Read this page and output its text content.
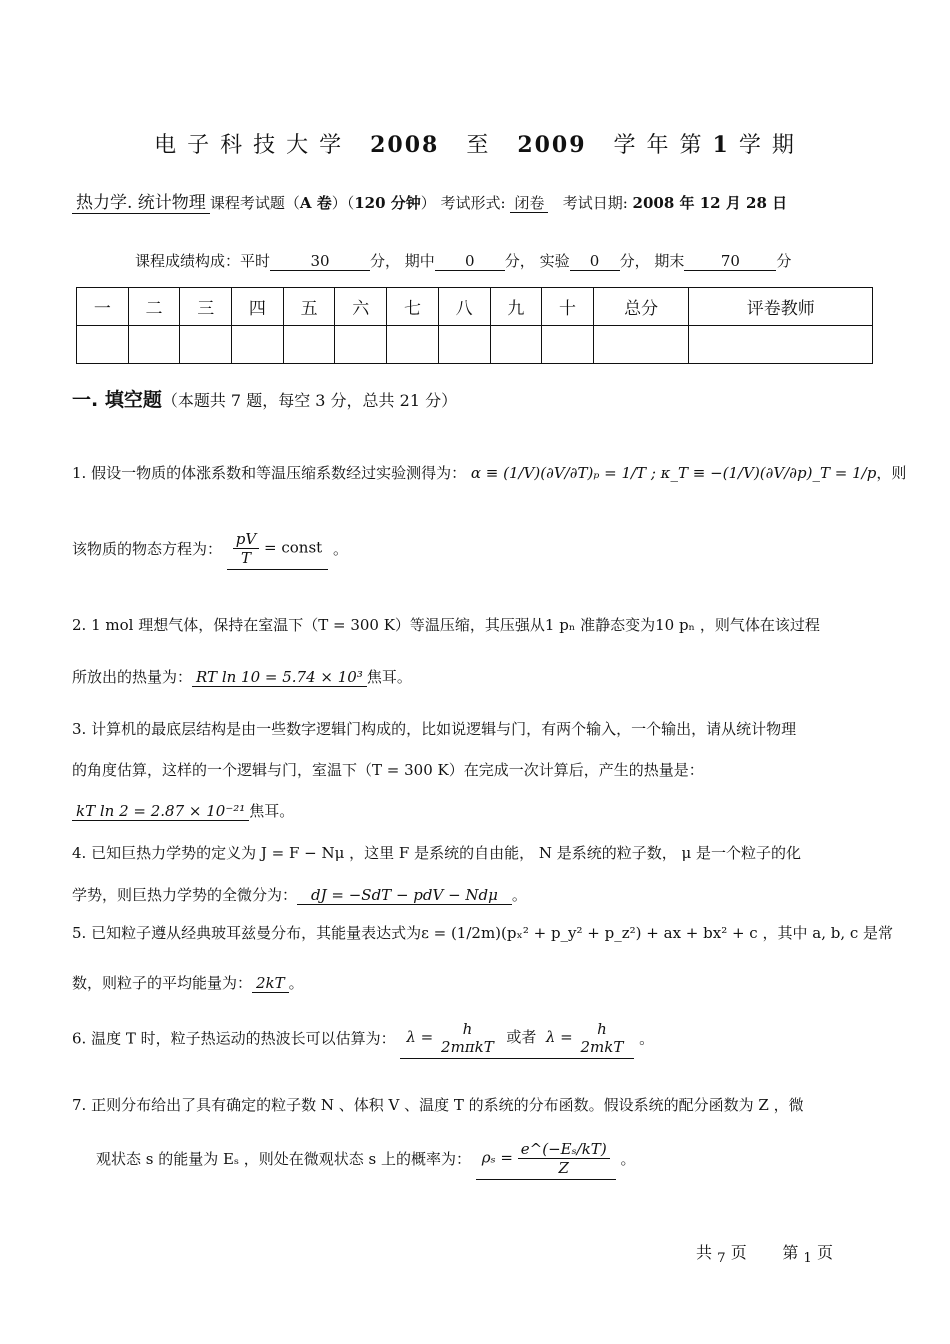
电 子 科 技 大 学 2008 至 2009 学 年 第 1 学 期
热力学. 统计物理 课程考试题（A 卷）（120 分钟） 考试形式: 闭卷 考试日期: 2008 年 12 月 28 日
课程成绩构成：平时	30	分， 期中 0 分， 实验 0 分， 期末 70 分
一	二	三	四	五	六	七	八	九	十	总分	评卷教师

一. 填空题（本题共 7 题，每空 3 分，总共 21 分）
1. 假设一物质的体涨系数和等温压缩系数经过实验测得为： α ≡ (1/V)(∂V/∂T)ₚ = 1/T ; κ_T ≡ −(1/V)(∂V/∂p)_T = 1/p，则
该物质的物态方程为： $\frac{pV}{T}$ = const 。
2. 1 mol 理想气体，保持在室温下（T = 300 K）等温压缩，其压强从1 pₙ 准静态变为10 pₙ ，则气体在该过程
所放出的热量为： RT ln 10 = 5.74 × 10³ 焦耳。
3. 计算机的最底层结构是由一些数字逻辑门构成的，比如说逻辑与门，有两个输入，一个输出，请从统计物理
的角度估算，这样的一个逻辑与门，室温下（T = 300 K）在完成一次计算后，产生的热量是：
kT ln 2 = 2.87 × 10⁻²¹ 焦耳。
4. 已知巨热力学势的定义为 J = F − Nμ ，这里 F 是系统的自由能， N 是系统的粒子数， μ 是一个粒子的化
学势，则巨热力学势的全微分为： dJ = −SdT − pdV − Ndμ 。
5. 已知粒子遵从经典玻耳兹曼分布，其能量表达式为ε = (1/2m)(pₓ² + p_y² + p_z²) + ax + bx² + c ，其中 a, b, c 是常
数，则粒子的平均能量为： 2kT 。
6. 温度 T 时，粒子热运动的热波长可以估算为： λ =	h
2mπkT
或者 λ =	h
2mkT 。
7. 正则分布给出了具有确定的粒子数 N 、体积 V 、温度 T 的系统的分布函数。假设系统的配分函数为 Z ，微
观状态 s 的能量为 Eₛ ，则处在微观状态 s 上的概率为： $\rho_s = \frac{\text{e\textasciicircum{}(−Eₛ/kT)}}{Z}$ 。
共 $_7$ 页 第 $_1$ 页
